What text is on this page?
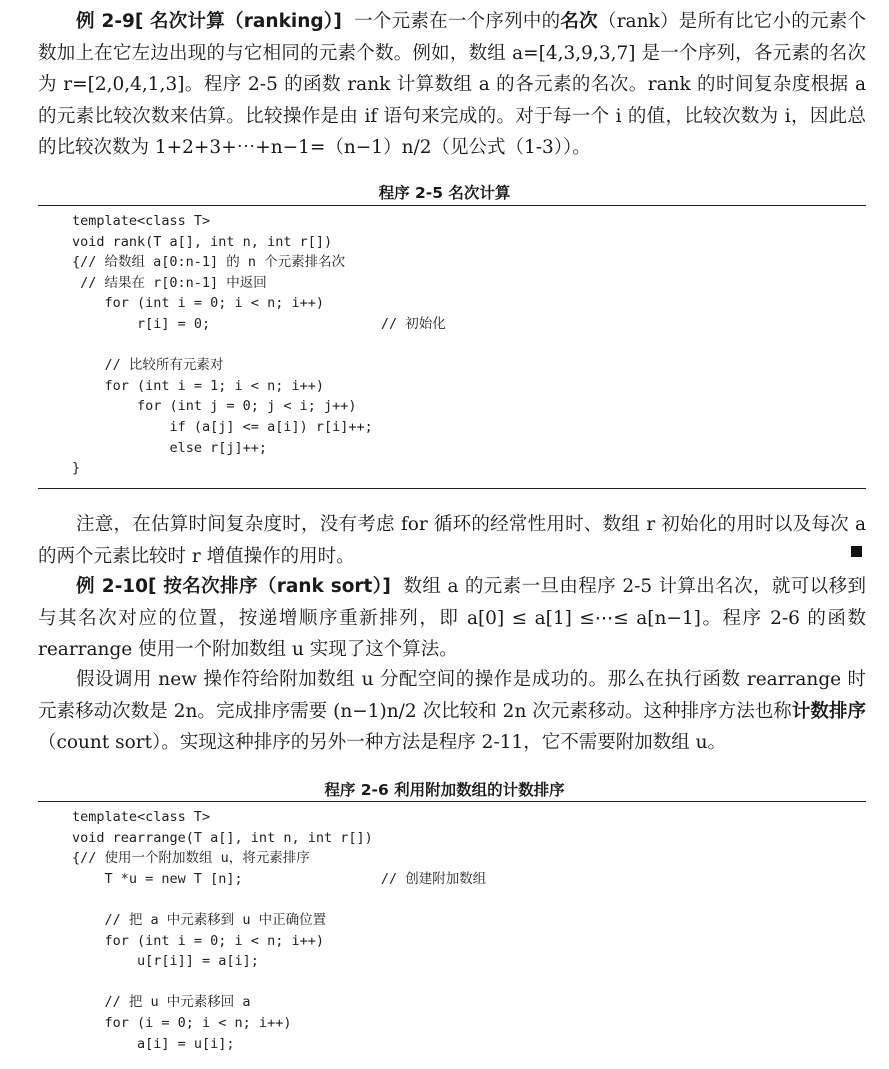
例 2-9[ 名次计算（ranking）]  一个元素在一个序列中的名次（rank）是所有比它小的元素个数加上在它左边出现的与它相同的元素个数。例如，数组 a=[4,3,9,3,7] 是一个序列，各元素的名次为 r=[2,0,4,1,3]。程序 2-5 的函数 rank 计算数组 a 的各元素的名次。rank 的时间复杂度根据 a 的元素比较次数来估算。比较操作是由 if 语句来完成的。对于每一个 i 的值，比较次数为 i，因此总的比较次数为 1+2+3+⋯+n−1=（n−1）n/2（见公式（1-3））。

程序 2-5 名次计算
template<class T>
void rank(T a[], int n, int r[])
{// 给数组 a[0:n-1] 的 n 个元素排名次
// 结果在 r[0:n-1] 中返回
for (int i = 0; i < n; i++)
r[i] = 0;                     // 初始化
// 比较所有元素对
for (int i = 1; i < n; i++)
for (int j = 0; j < i; j++)
if (a[j] <= a[i]) r[i]++;
else r[j]++;
}

注意，在估算时间复杂度时，没有考虑 for 循环的经常性用时、数组 r 初始化的用时以及每次 a 的两个元素比较时 r 增值操作的用时。

例 2-10[ 按名次排序（rank sort）]  数组 a 的元素一旦由程序 2-5 计算出名次，就可以移到与其名次对应的位置，按递增顺序重新排列，即 a[0] ≤ a[1] ≤⋯≤ a[n−1]。程序 2-6 的函数 rearrange 使用一个附加数组 u 实现了这个算法。

假设调用 new 操作符给附加数组 u 分配空间的操作是成功的。那么在执行函数 rearrange 时元素移动次数是 2n。完成排序需要 (n−1)n/2 次比较和 2n 次元素移动。这种排序方法也称计数排序（count sort）。实现这种排序的另外一种方法是程序 2-11，它不需要附加数组 u。

程序 2-6 利用附加数组的计数排序
template<class T>
void rearrange(T a[], int n, int r[])
{// 使用一个附加数组 u，将元素排序
T *u = new T [n];                 // 创建附加数组
// 把 a 中元素移到 u 中正确位置
for (int i = 0; i < n; i++)
u[r[i]] = a[i];
// 把 u 中元素移回 a
for (i = 0; i < n; i++)
a[i] = u[i];
